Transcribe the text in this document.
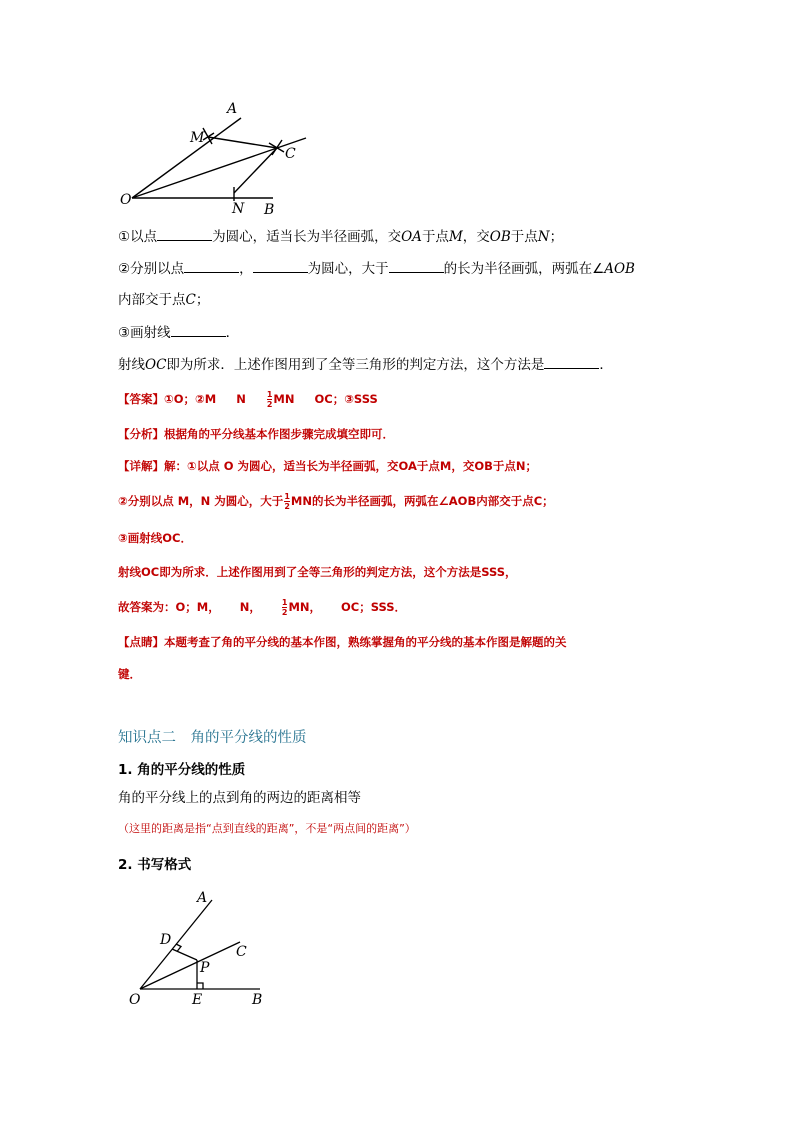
A
M
C
O
N B
①以点	为圆心，适当长为半径画弧，交OA于点M，交OB于点N；
②分别以点	，	为圆心，大于	的长为半径画弧，两弧在∠AOB
内部交于点C；
③画射线	．
射线OC即为所求．上述作图用到了全等三角形的判定方法，这个方法是	．
【答案】①O；②M N	$\frac{1}{2}$ MN OC；③SSS
【分析】根据角的平分线基本作图步骤完成填空即可．
【详解】解：①以点 O 为圆心，适当长为半径画弧，交OA于点M，交OB于点N；
②分别以点 M，N 为圆心，大于 $\frac{1}{2}$ MN的长为半径画弧，两弧在∠AOB内部交于点C；
③画射线OC．
射线OC即为所求．上述作图用到了全等三角形的判定方法，这个方法是SSS，
故答案为：O；M， N，	$\frac{1}{2}$ MN， OC；SSS．
【点睛】本题考查了角的平分线的基本作图，熟练掌握角的平分线的基本作图是解题的关
键．
知识点二　角的平分线的性质
1. 角的平分线的性质
角的平分线上的点到角的两边的距离相等
（这里的距离是指“点到直线的距离”，不是“两点间的距离”）
2. 书写格式
A
D
C
P
O	E	B
